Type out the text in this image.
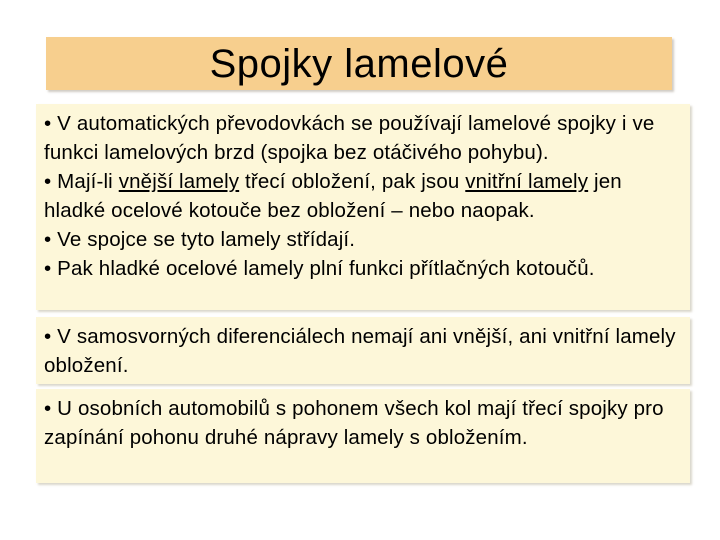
Spojky lamelové

• V automatických převodovkách se používají lamelové spojky i ve funkci lamelových brzd (spojka bez otáčivého pohybu).

• Mají-li vnější lamely třecí obložení, pak jsou vnitřní lamely jen hladké ocelové kotouče bez obložení – nebo naopak.

• Ve spojce se tyto lamely střídají.

• Pak hladké ocelové lamely plní funkci přítlačných kotoučů.

• V samosvorných diferenciálech nemají ani vnější, ani vnitřní lamely obložení.

• U osobních automobilů s pohonem všech kol mají třecí spojky pro zapínání pohonu druhé nápravy lamely s obložením.
